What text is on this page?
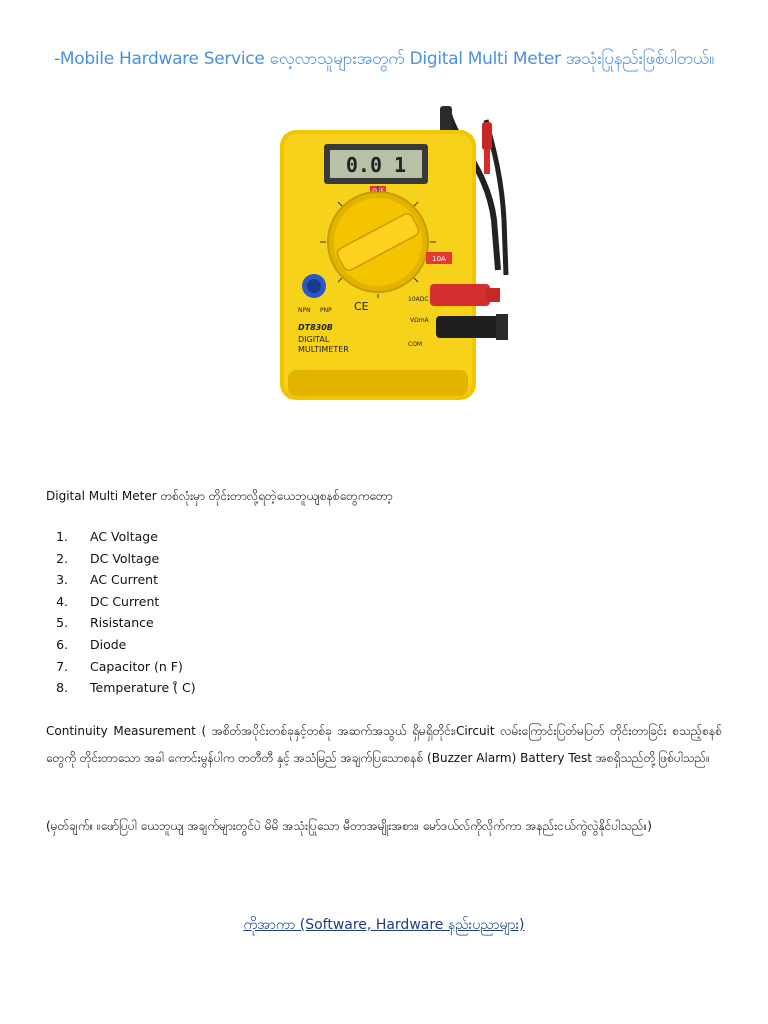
-Mobile Hardware Service လေ့လာသူများအတွက် Digital Multi Meter အသုံးပြုနည်းဖြစ်ပါတယ်။
0.0 1
10A
NPN PNP CE
DT830B
DIGITAL
MULTIMETER
10ADC
VΩmA
COM
Digital Multi Meter တစ်လုံးမှာ တိုင်းတာလို့ရတဲ့ယေဘူယျစနစ်တွေကတော့
1. AC Voltage
2. DC Voltage
3. AC Current
4. DC Current
5. Risistance
6. Diode
7. Capacitor (n F)
8. Temperature (̊ C)
Continuity Measurement ( အစိတ်အပိုင်းတစ်ခုနှင့်တစ်ခု အဆက်အသွယ် ရှိမရှိတိုင်း၊Circuit လမ်းကြောင်းပြတ်မပြတ် တိုင်းတာခြင်း စသည့်စနစ်တွေကို တိုင်းတာသော အခါ ကောင်းမွန်ပါက တတီတီ နှင့် အသံမြည် အချက်ပြသောစနစ် (Buzzer Alarm) Battery Test အစရှိသည်တို့ဖြစ်ပါသည်။
(မှတ်ချက်။ ။ဖော်ပြပါ ယေဘူယျ အချက်များတွင်ပဲ မိမိ အသုံးပြုသော မီတာအမျိုးအစား၊ မော်ဒယ်လ်ကိုလိုက်ကာ အနည်းငယ်ကွဲလွဲနိုင်ပါသည်။)
ကိုအာကာ (Software, Hardware နည်းပညာများ)
